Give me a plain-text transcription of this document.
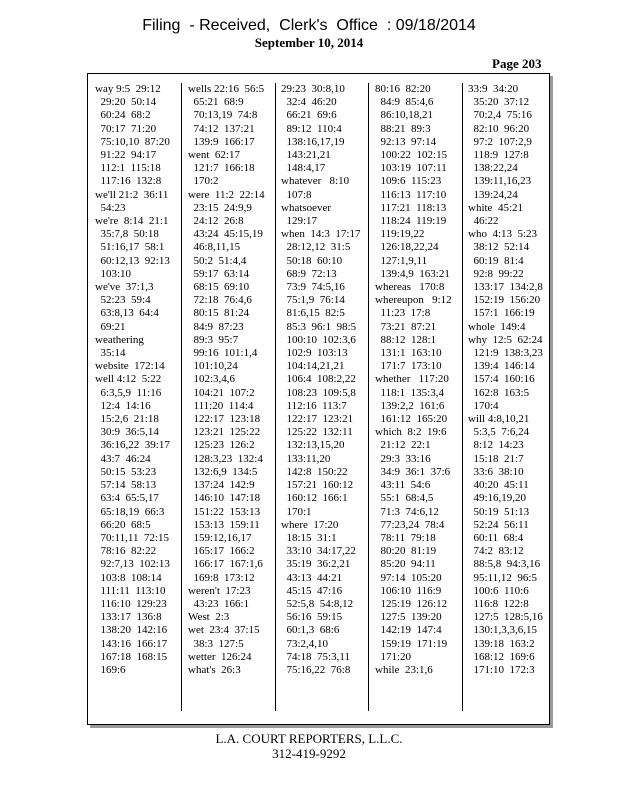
Filing  - Received,  Clerk's  Office  : 09/18/2014
September 10, 2014
Page 203
way 9:5  29:12
29:20  50:14
60:24  68:2
70:17  71:20
75:10,10  87:20
91:22  94:17
112:1  115:18
117:16  132:8
we'll 21:2  36:11
54:23
we're  8:14  21:1
35:7,8  50:18
51:16,17  58:1
60:12,13  92:13
103:10
we've  37:1,3
52:23  59:4
63:8,13  64:4
69:21
weathering
35:14
website  172:14
well 4:12  5:22
6:3,5,9  11:16
12:4  14:16
15:2,6  21:18
30:9  36:5,14
36:16,22  39:17
43:7  46:24
50:15  53:23
57:14  58:13
63:4  65:5,17
65:18,19  66:3
66:20  68:5
70:11,11  72:15
78:16  82:22
92:7,13  102:13
103:8  108:14
111:11  113:10
116:10  129:23
133:17  136:8
138:20  142:16
143:16  166:17
167:18  168:15
169:6
wells 22:16  56:5
65:21  68:9
70:13,19  74:8
74:12  137:21
139:9  166:17
went  62:17
121:7  166:18
170:2
were  11:2  22:14
23:15  24:9,9
24:12  26:8
43:24  45:15,19
46:8,11,15
50:2  51:4,4
59:17  63:14
68:15  69:10
72:18  76:4,6
80:15  81:24
84:9  87:23
89:3  95:7
99:16  101:1,4
101:10,24
102:3,4,6
104:21  107:2
111:20  114:4
122:17  123:18
123:21  125:22
125:23  126:2
128:3,23  132:4
132:6,9  134:5
137:24  142:9
146:10  147:18
151:22  153:13
153:13  159:11
159:12,16,17
165:17  166:2
166:17  167:1,6
169:8  173:12
weren't  17:23
43:23  166:1
West  2:3
wet  23:4  37:15
38:3  127:5
wetter  126:24
what's  26:3
29:23  30:8,10
32:4  46:20
66:21  69:6
89:12  110:4
138:16,17,19
143:21,21
148:4,17
whatever   8:10
107:8
whatsoever
129:17
when  14:3  17:17
28:12,12  31:5
50:18  60:10
68:9  72:13
73:9  74:5,16
75:1,9  76:14
81:6,15  82:5
85:3  96:1  98:5
100:10  102:3,6
102:9  103:13
104:14,21,21
106:4  108:2,22
108:23  109:5,8
112:16  113:7
122:17  123:21
125:22  132:11
132:13,15,20
133:11,20
142:8  150:22
157:21  160:12
160:12  166:1
170:1
where  17:20
18:15  31:1
33:10  34:17,22
35:19  36:2,21
43:13  44:21
45:15  47:16
52:5,8  54:8,12
56:16  59:15
60:1,3  68:6
73:2,4,10
74:18  75:3,11
75:16,22  76:8
80:16  82:20
84:9  85:4,6
86:10,18,21
88:21  89:3
92:13  97:14
100:22  102:15
103:19  107:11
109:6  115:23
116:13  117:10
117:21  118:13
118:24  119:19
119:19,22
126:18,22,24
127:1,9,11
139:4,9  163:21
whereas   170:8
whereupon   9:12
11:23  17:8
73:21  87:21
88:12  128:1
131:1  163:10
171:7  173:10
whether   117:20
118:1  135:3,4
139:2,2  161:6
161:12  165:20
which  8:2  19:6
21:12  22:1
29:3  33:16
34:9  36:1  37:6
43:11  54:6
55:1  68:4,5
71:3  74:6,12
77:23,24  78:4
78:11  79:18
80:20  81:19
85:20  94:11
97:14  105:20
106:10  116:9
125:19  126:12
127:5  139:20
142:19  147:4
159:19  171:19
171:20
while  23:1,6
33:9  34:20
35:20  37:12
70:2,4  75:16
82:10  96:20
97:2  107:2,9
118:9  127:8
138:22,24
139:11,16,23
139:24,24
white  45:21
46:22
who  4:13  5:23
38:12  52:14
60:19  81:4
92:8  99:22
133:17  134:2,8
152:19  156:20
157:1  166:19
whole  149:4
why  12:5  62:24
121:9  138:3,23
139:4  146:14
157:4  160:16
162:8  163:5
170:4
will 4:8,10,21
5:3,5  7:6,24
8:12  14:23
15:18  21:7
33:6  38:10
40:20  45:11
49:16,19,20
50:19  51:13
52:24  56:11
60:11  68:4
74:2  83:12
88:5,8  94:3,16
95:11,12  96:5
100:6  110:6
116:8  122:8
127:5  128:5,16
130:1,3,3,6,15
139:18  163:2
168:12  169:6
171:10  172:3
L.A. COURT REPORTERS, L.L.C.
312-419-9292
